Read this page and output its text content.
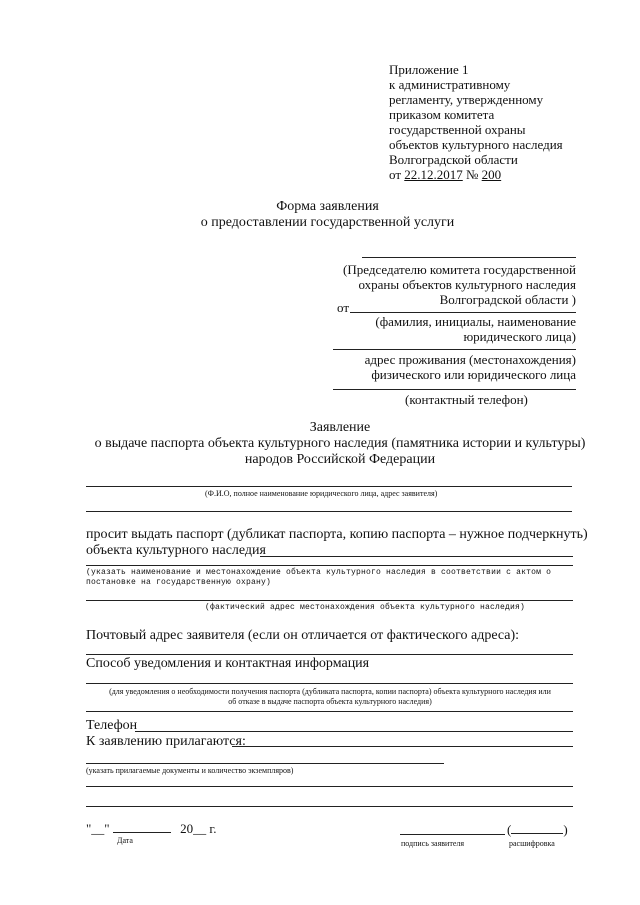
Приложение 1
к административному
регламенту, утвержденному
приказом комитета
государственной охраны
объектов культурного наследия
Волгоградской области
от 22.12.2017 № 200
Форма заявления
о предоставлении государственной услуги
(Председателю комитета государственной
охраны объектов культурного наследия
Волгоградской области )
от
(фамилия, инициалы, наименование
юридического лица)
адрес проживания (местонахождения)
физического или юридического лица
(контактный телефон)
Заявление
о выдаче паспорта объекта культурного наследия (памятника истории и культуры)
народов Российской Федерации
(Ф.И.О, полное наименование юридического лица, адрес заявителя)
просит выдать паспорт (дубликат паспорта, копию паспорта – нужное подчеркнуть)
объекта культурного наследия
(указать наименование и местонахождение объекта культурного наследия в соответствии с актом о
постановке на государственную охрану)
(фактический адрес местонахождения объекта культурного наследия)
Почтовый адрес заявителя (если он отличается от фактического адреса):
Способ уведомления и контактная информация
(для уведомления о необходимости получения паспорта (дубликата паспорта, копии паспорта) объекта культурного наследия или
об отказе в выдаче паспорта объекта культурного наследия)
Телефон
К заявлению прилагаются:
(указать прилагаемые документы и количество экземпляров)
"__"	20__ г.
Дата
(	)
подпись заявителя	расшифровка
